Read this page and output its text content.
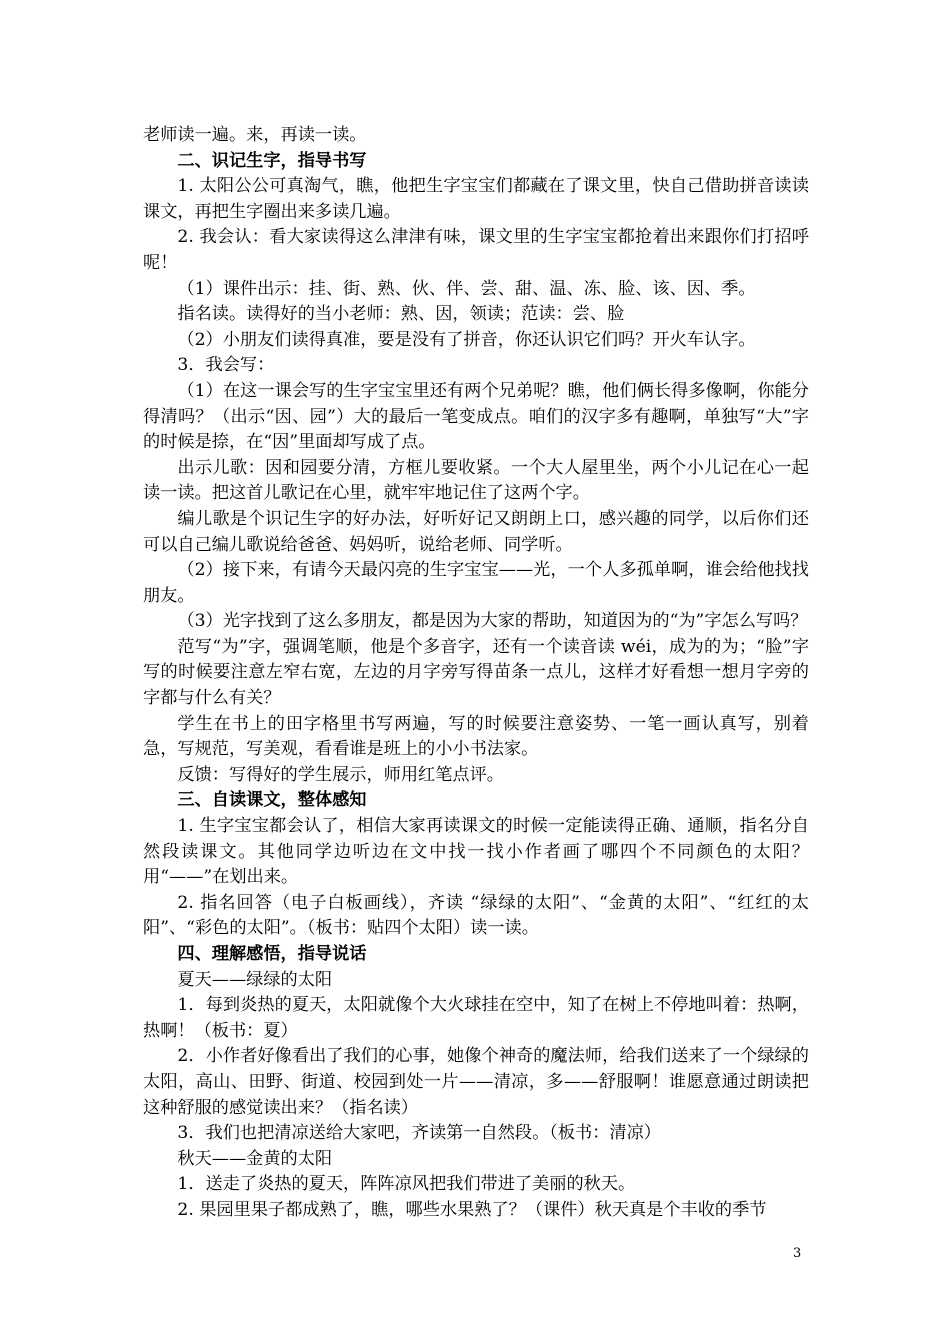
老师读一遍。来，再读一读。

二、识记生字，指导书写

1. 太阳公公可真淘气，瞧，他把生字宝宝们都藏在了课文里，快自己借助拼音读读课文，再把生字圈出来多读几遍。

2. 我会认：看大家读得这么津津有味，课文里的生字宝宝都抢着出来跟你们打招呼呢！

（1）课件出示：挂、街、熟、伙、伴、尝、甜、温、冻、脸、该、因、季。

指名读。读得好的当小老师：熟、因，领读；范读：尝、脸

（2）小朋友们读得真准，要是没有了拼音，你还认识它们吗？开火车认字。

3．我会写：

（1）在这一课会写的生字宝宝里还有两个兄弟呢？瞧，他们俩长得多像啊，你能分得清吗？（出示“因、园”）大的最后一笔变成点。咱们的汉字多有趣啊，单独写“大”字的时候是捺，在“因”里面却写成了点。

出示儿歌：因和园要分清，方框儿要收紧。一个大人屋里坐，两个小儿记在心一起读一读。把这首儿歌记在心里，就牢牢地记住了这两个字。

编儿歌是个识记生字的好办法，好听好记又朗朗上口，感兴趣的同学，以后你们还可以自己编儿歌说给爸爸、妈妈听，说给老师、同学听。

（2）接下来，有请今天最闪亮的生字宝宝——光，一个人多孤单啊，谁会给他找找朋友。

（3）光字找到了这么多朋友，都是因为大家的帮助，知道因为的“为”字怎么写吗？

范写“为”字，强调笔顺，他是个多音字，还有一个读音读 wéi，成为的为；“脸”字写的时候要注意左窄右宽，左边的月字旁写得苗条一点儿，这样才好看想一想月字旁的字都与什么有关？

学生在书上的田字格里书写两遍，写的时候要注意姿势、一笔一画认真写，别着急，写规范，写美观，看看谁是班上的小小书法家。

反馈：写得好的学生展示，师用红笔点评。

三、自读课文，整体感知

1. 生字宝宝都会认了，相信大家再读课文的时候一定能读得正确、通顺，指名分自然段读课文。其他同学边听边在文中找一找小作者画了哪四个不同颜色的太阳？用“——”在划出来。

2. 指名回答（电子白板画线），齐读 “绿绿的太阳”、“金黄的太阳”、“红红的太阳”、“彩色的太阳”。（板书：贴四个太阳）读一读。

四、理解感悟，指导说话

夏天——绿绿的太阳

1．每到炎热的夏天，太阳就像个大火球挂在空中，知了在树上不停地叫着：热啊，热啊！（板书：夏）

2．小作者好像看出了我们的心事，她像个神奇的魔法师，给我们送来了一个绿绿的太阳，高山、田野、街道、校园到处一片——清凉，多——舒服啊！谁愿意通过朗读把这种舒服的感觉读出来？（指名读）

3．我们也把清凉送给大家吧，齐读第一自然段。（板书：清凉）

秋天——金黄的太阳

1．送走了炎热的夏天，阵阵凉风把我们带进了美丽的秋天。

2. 果园里果子都成熟了，瞧，哪些水果熟了？（课件）秋天真是个丰收的季节

3
